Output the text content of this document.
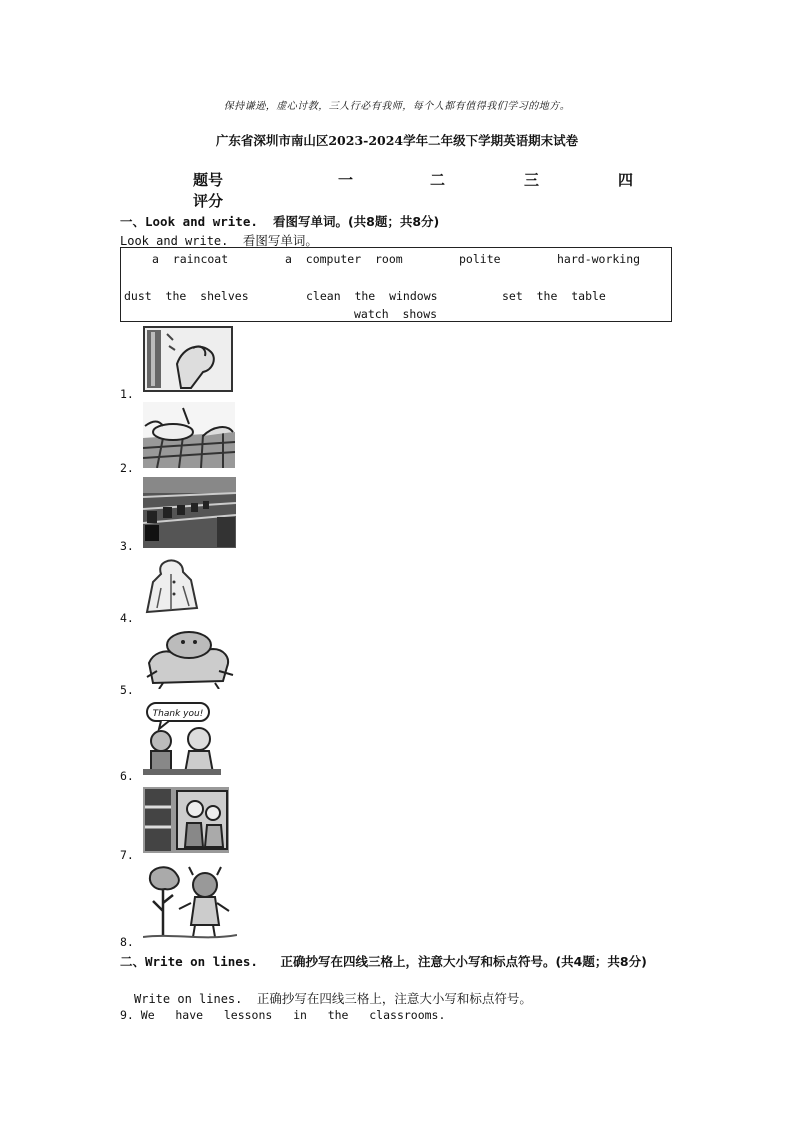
保持谦逊，虚心讨教，三人行必有我师，每个人都有值得我们学习的地方。
广东省深圳市南山区2023-2024学年二年级下学期英语期末试卷
题号	一	二	三	四
评分
一、Look and write. 看图写单词。(共8题；共8分)
Look and write. 看图写单词。
a  raincoat	a  computer  room	polite	hard-working
dust  the  shelves	clean  the  windows	set  the  table
watch  shows
1.
2.
3.
4.
5.
Thank you!
6.
7.
8.
二、Write on lines. 正确抄写在四线三格上，注意大小写和标点符号。(共4题；共8分)
Write on lines. 正确抄写在四线三格上，注意大小写和标点符号。
9. We   have   lessons   in   the   classrooms.
